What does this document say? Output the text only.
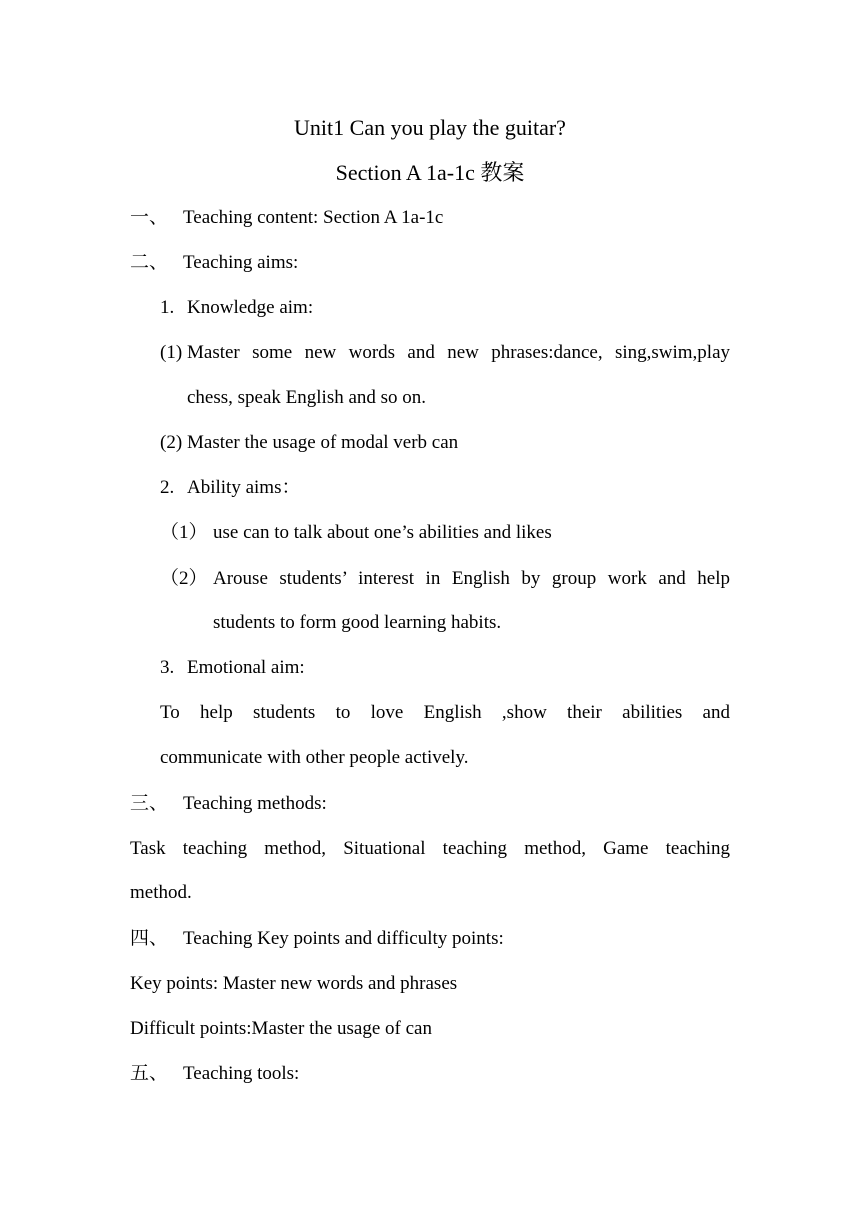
Unit1 Can you play the guitar?
Section A 1a-1c 教案
一、 Teaching content: Section A 1a-1c
二、 Teaching aims:
1. Knowledge aim:
(1) Master some new words and new phrases:dance, sing,swim,play
chess, speak English and so on.
(2) Master the usage of modal verb can
2. Ability aims：
（1） use can to talk about one’s abilities and likes
（2） Arouse students’ interest in English by group work and help
students to form good learning habits.
3. Emotional aim:
To help students to love English ,show their abilities and
communicate with other people actively.
三、 Teaching methods:
Task teaching method, Situational teaching method, Game teaching
method.
四、 Teaching Key points and difficulty points:
Key points: Master new words and phrases
Difficult points:Master the usage of can
五、 Teaching tools:
